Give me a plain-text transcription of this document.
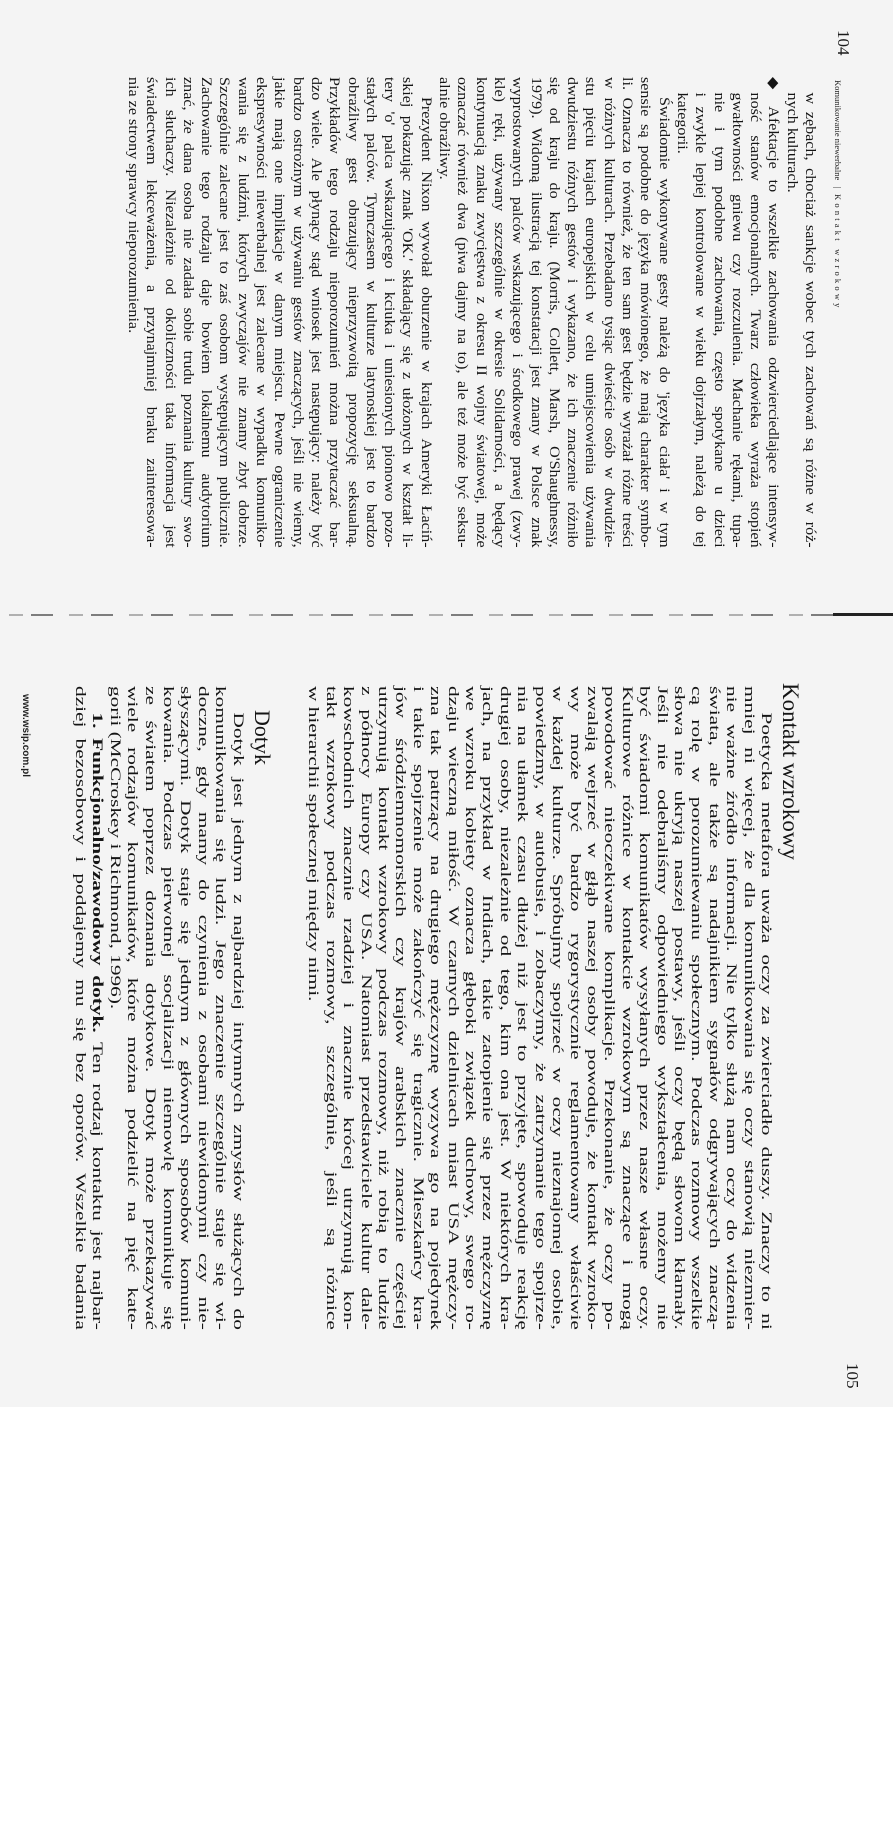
104
Komunikowanie niewerbalne|Kontakt wzrokowy
w zębach, chociaż sankcje wobec tych zachowań są różne w róż-
nych kulturach.
◆ Afektacje to wszelkie zachowania odzwierciedlające intensyw-
ność stanów emocjonalnych. Twarz człowieka wyraża stopień
gwałtowności gniewu czy rozczulenia. Machanie rękami, tupa-
nie i tym podobne zachowania, często spotykane u dzieci
i zwykle lepiej kontrolowane w wieku dojrzałym, należą do tej
kategorii.
Świadomie wykonywane gesty należą do 'języka ciała' i w tym
sensie są podobne do języka mówionego, że mają charakter symbo-
li. Oznacza to również, że ten sam gest będzie wyrażał różne treści
w różnych kulturach. Przebadano tysiąc dwieście osób w dwudzie-
stu pięciu krajach europejskich w celu umiejscowienia używania
dwudziestu różnych gestów i wykazano, że ich znaczenie różniło
się od kraju do kraju. (Morris, Collett, Marsh, O'Shaughnessy,
1979). Widomą ilustracją tej konstatacji jest znany w Polsce znak
wyprostowanych palców wskazującego i środkowego prawej (zwy-
kle) ręki, używany szczególnie w okresie Solidarności, a będący
kontynuacją znaku zwycięstwa z okresu II wojny światowej, może
oznaczać również dwa (piwa dajmy na to), ale też może być seksu-
alnie obraźliwy.
Prezydent Nixon wywołał oburzenie w krajach Ameryki Łaciń-
skiej pokazując znak 'OK.' składający się z ułożonych w kształt li-
tery 'o' palca wskazującego i kciuka i uniesionych pionowo pozo-
stałych palców. Tymczasem w kulturze latynoskiej jest to bardzo
obraźliwy gest obrazujący nieprzyzwoitą propozycję seksualną.
Przykładów tego rodzaju nieporozumień można przytaczać bar-
dzo wiele. Ale płynący stąd wniosek jest następujący: należy być
bardzo ostrożnym w używaniu gestów znaczących, jeśli nie wiemy,
jakie mają one implikacje w danym miejscu. Pewne ograniczenie
ekspresywności niewerbalnej jest zalecane w wypadku komuniko-
wania się z ludźmi, których zwyczajów nie znamy zbyt dobrze.
Szczególnie zalecane jest to zaś osobom występującym publicznie.
Zachowanie tego rodzaju daje bowiem lokalnemu audytorium
znać, że dana osoba nie zadała sobie trudu poznania kultury swo-
ich słuchaczy. Niezależnie od okoliczności taka informacja jest
świadectwem lekceważenia, a przynajmniej braku zainteresowa-
nia ze strony sprawcy nieporozumienia.
105
Kontakt wzrokowy
Poetycka metafora uważa oczy za zwierciadło duszy. Znaczy to ni
mniej ni więcej, że dla komunikowania się oczy stanowią niezmier-
nie ważne źródło informacji. Nie tylko służą nam oczy do widzenia
świata, ale także są nadajnikiem sygnałów odgrywających znaczą-
cą rolę w porozumiewaniu społecznym. Podczas rozmowy wszelkie
słowa nie ukryją naszej postawy, jeśli oczy będą słowom kłamały.
Jeśli nie odebraliśmy odpowiedniego wykształcenia, możemy nie
być świadomi komunikatów wysyłanych przez nasze własne oczy.
Kulturowe różnice w kontakcie wzrokowym są znaczące i mogą
powodować nieoczekiwane komplikacje. Przekonanie, że oczy po-
zwalają wejrzeć w głąb naszej osoby powoduje, że kontakt wzroko-
wy może być bardzo rygorystycznie reglamentowany właściwie
w każdej kulturze. Spróbujmy spojrzeć w oczy nieznajomej osobie,
powiedzmy, w autobusie, i zobaczymy, że zatrzymanie tego spojrze-
nia na ułamek czasu dłużej niż jest to przyjęte, spowoduje reakcję
drugiej osoby, niezależnie od tego, kim ona jest. W niektórych kra-
jach, na przykład w Indiach, takie zatopienie się przez mężczyznę
we wzroku kobiety oznacza głęboki związek duchowy, swego ro-
dzaju wieczną miłość. W czarnych dzielnicach miast USA mężczy-
zna tak patrzący na drugiego mężczyznę wyzywa go na pojedynek
i takie spojrzenie może zakończyć się tragicznie. Mieszkańcy kra-
jów śródziemnomorskich czy krajów arabskich znacznie częściej
utrzymują kontakt wzrokowy podczas rozmowy, niż robią to ludzie
z północy Europy czy USA. Natomiast przedstawiciele kultur dale-
kowschodnich znacznie rzadziej i znacznie krócej utrzymują kon-
takt wzrokowy podczas rozmowy, szczególnie, jeśli są różnice
w hierarchii społecznej między nimi.
Dotyk
Dotyk jest jednym z najbardziej intymnych zmysłów służących do
komunikowania się ludzi. Jego znaczenie szczególnie staje się wi-
doczne, gdy mamy do czynienia z osobami niewidomymi czy nie-
słyszącymi. Dotyk staje się jednym z głównych sposobów komuni-
kowania. Podczas pierwotnej socjalizacji niemowlę komunikuje się
ze światem poprzez doznania dotykowe. Dotyk może przekazywać
wiele rodzajów komunikatów, które można podzielić na pięć kate-
gorii (McCroskey i Richmond, 1996).
1. Funkcjonalno/zawodowy dotyk. Ten rodzaj kontaktu jest najbar-
dziej bezosobowy i poddajemy mu się bez oporów. Wszelkie badania
www.wsip.com.pl
